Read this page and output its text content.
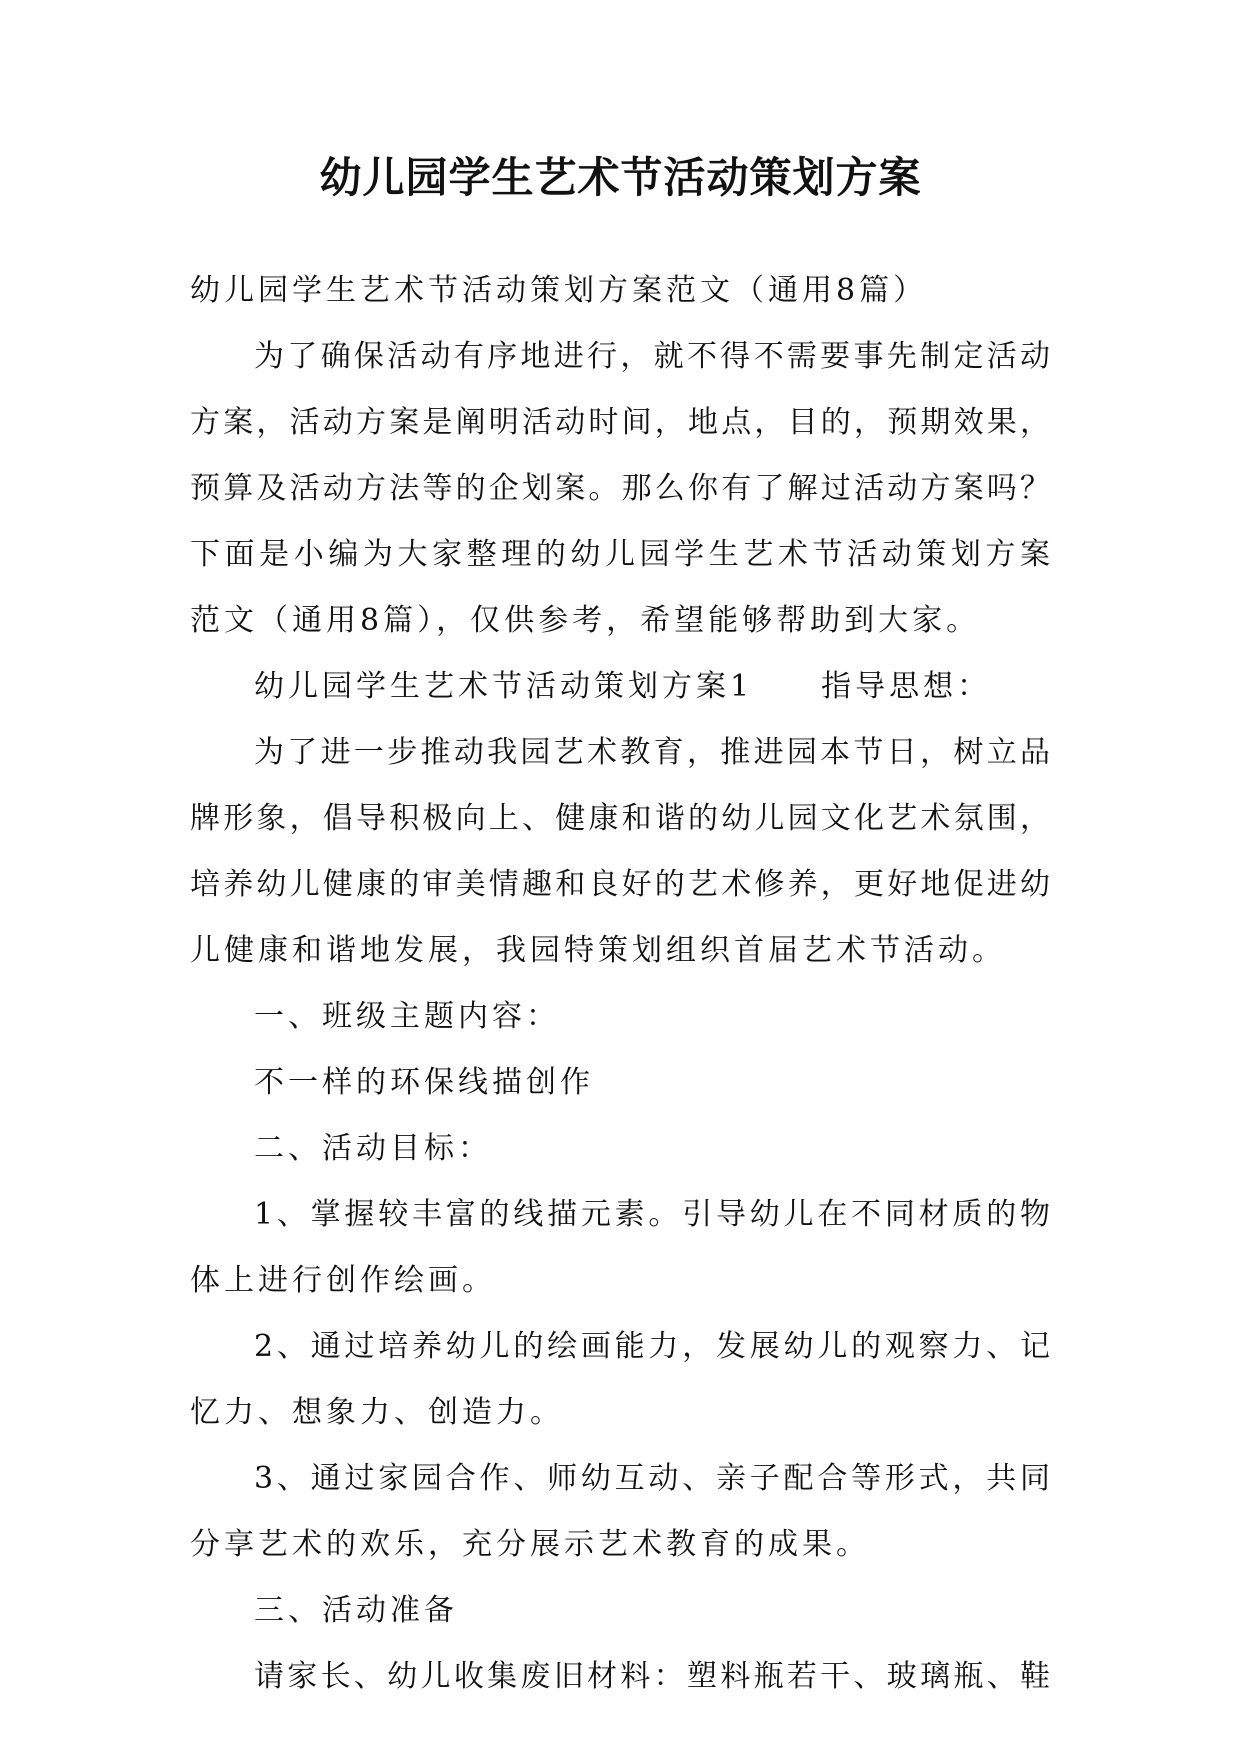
幼儿园学生艺术节活动策划方案
幼儿园学生艺术节活动策划方案范文（通用8篇）
为了确保活动有序地进行，就不得不需要事先制定活动
方案，活动方案是阐明活动时间，地点，目的，预期效果，
预算及活动方法等的企划案。那么你有了解过活动方案吗？
下面是小编为大家整理的幼儿园学生艺术节活动策划方案
范文（通用8篇），仅供参考，希望能够帮助到大家。
幼儿园学生艺术节活动策划方案1　　指导思想：
为了进一步推动我园艺术教育，推进园本节日，树立品
牌形象，倡导积极向上、健康和谐的幼儿园文化艺术氛围，
培养幼儿健康的审美情趣和良好的艺术修养，更好地促进幼
儿健康和谐地发展，我园特策划组织首届艺术节活动。
一、班级主题内容：
不一样的环保线描创作
二、活动目标：
1、掌握较丰富的线描元素。引导幼儿在不同材质的物
体上进行创作绘画。
2、通过培养幼儿的绘画能力，发展幼儿的观察力、记
忆力、想象力、创造力。
3、通过家园合作、师幼互动、亲子配合等形式，共同
分享艺术的欢乐，充分展示艺术教育的成果。
三、活动准备
请家长、幼儿收集废旧材料：塑料瓶若干、玻璃瓶、鞋
